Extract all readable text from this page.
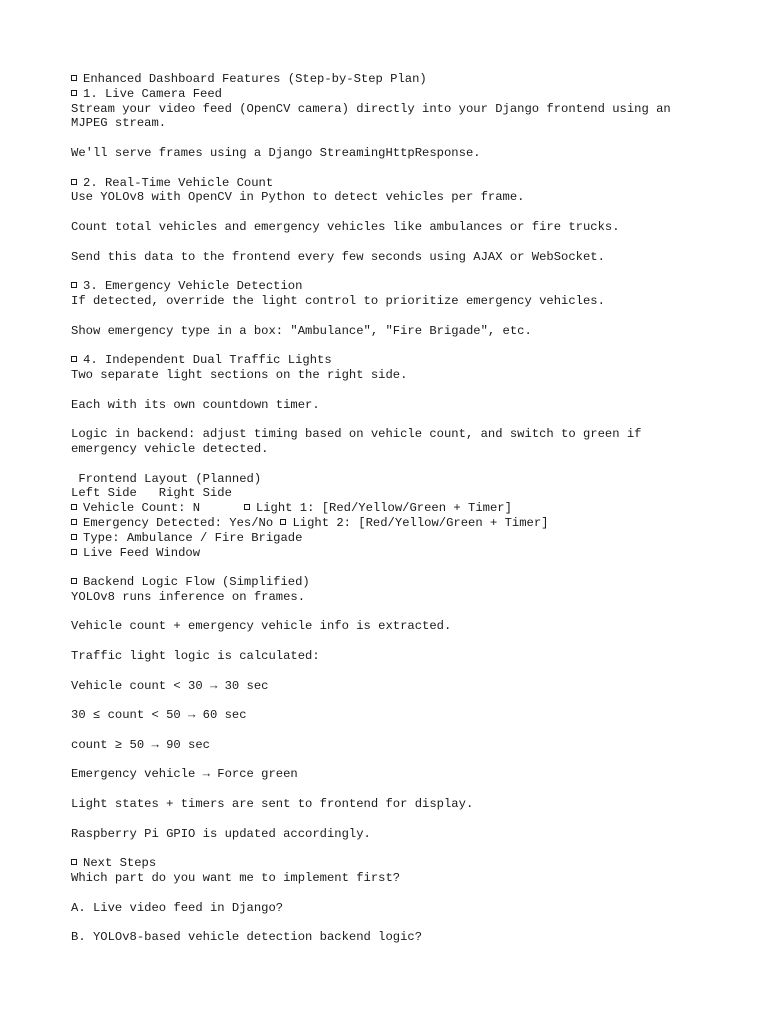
Enhanced Dashboard Features (Step-by-Step Plan)
1. Live Camera Feed
Stream your video feed (OpenCV camera) directly into your Django frontend using an
MJPEG stream.
We'll serve frames using a Django StreamingHttpResponse.
2. Real-Time Vehicle Count
Use YOLOv8 with OpenCV in Python to detect vehicles per frame.
Count total vehicles and emergency vehicles like ambulances or fire trucks.
Send this data to the frontend every few seconds using AJAX or WebSocket.
3. Emergency Vehicle Detection
If detected, override the light control to prioritize emergency vehicles.
Show emergency type in a box: "Ambulance", "Fire Brigade", etc.
4. Independent Dual Traffic Lights
Two separate light sections on the right side.
Each with its own countdown timer.
Logic in backend: adjust timing based on vehicle count, and switch to green if
emergency vehicle detected.
Frontend Layout (Planned)
Left Side   Right Side
Vehicle Count: N      Light 1: [Red/Yellow/Green + Timer]
Emergency Detected: Yes/No Light 2: [Red/Yellow/Green + Timer]
Type: Ambulance / Fire Brigade
Live Feed Window
Backend Logic Flow (Simplified)
YOLOv8 runs inference on frames.
Vehicle count + emergency vehicle info is extracted.
Traffic light logic is calculated:
Vehicle count < 30 → 30 sec
30 ≤ count < 50 → 60 sec
count ≥ 50 → 90 sec
Emergency vehicle → Force green
Light states + timers are sent to frontend for display.
Raspberry Pi GPIO is updated accordingly.
Next Steps
Which part do you want me to implement first?
A. Live video feed in Django?
B. YOLOv8-based vehicle detection backend logic?
